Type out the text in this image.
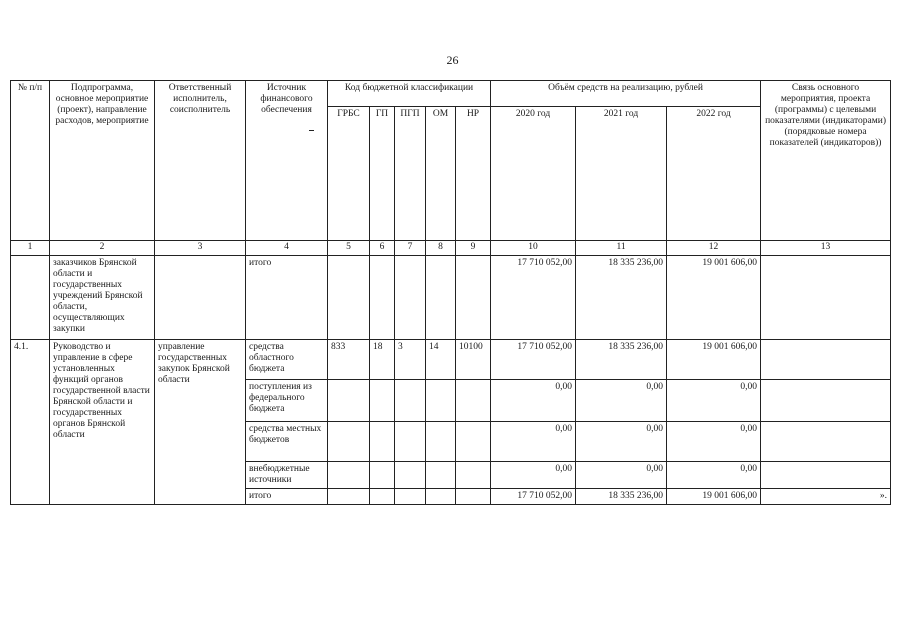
26
№ п/п	Подпрограмма, основное мероприятие (проект), направление расходов, мероприятие	Ответственный исполнитель, соисполнитель	Источник финансового обеспечения	Код бюджетной классификации					Объём средств на реализацию, рублей			Связь основного мероприятия, проекта (программы) с целевыми показателями (индикаторами) (порядковые номера показателей (индикаторов))
				ГРБС	ГП	ПГП	ОМ	НР	2020 год	2021 год	2022 год	
1	2	3	4	5	6	7	8	9	10	11	12	13
	заказчиков Брянской области и государственных учреждений Брянской области, осуществляющих закупки		итого						17 710 052,00	18 335 236,00	19 001 606,00	
4.1.	Руководство и управление в сфере установленных функций органов государственной власти Брянской области и государственных органов Брянской области	управление государственных закупок Брянской области	средства областного бюджета	833	18	3	14	10100	17 710 052,00	18 335 236,00	19 001 606,00	
			поступления из федерального бюджета						0,00	0,00	0,00	
			средства местных бюджетов						0,00	0,00	0,00	
			внебюджетные источники						0,00	0,00	0,00	
			итого						17 710 052,00	18 335 236,00	19 001 606,00	».
